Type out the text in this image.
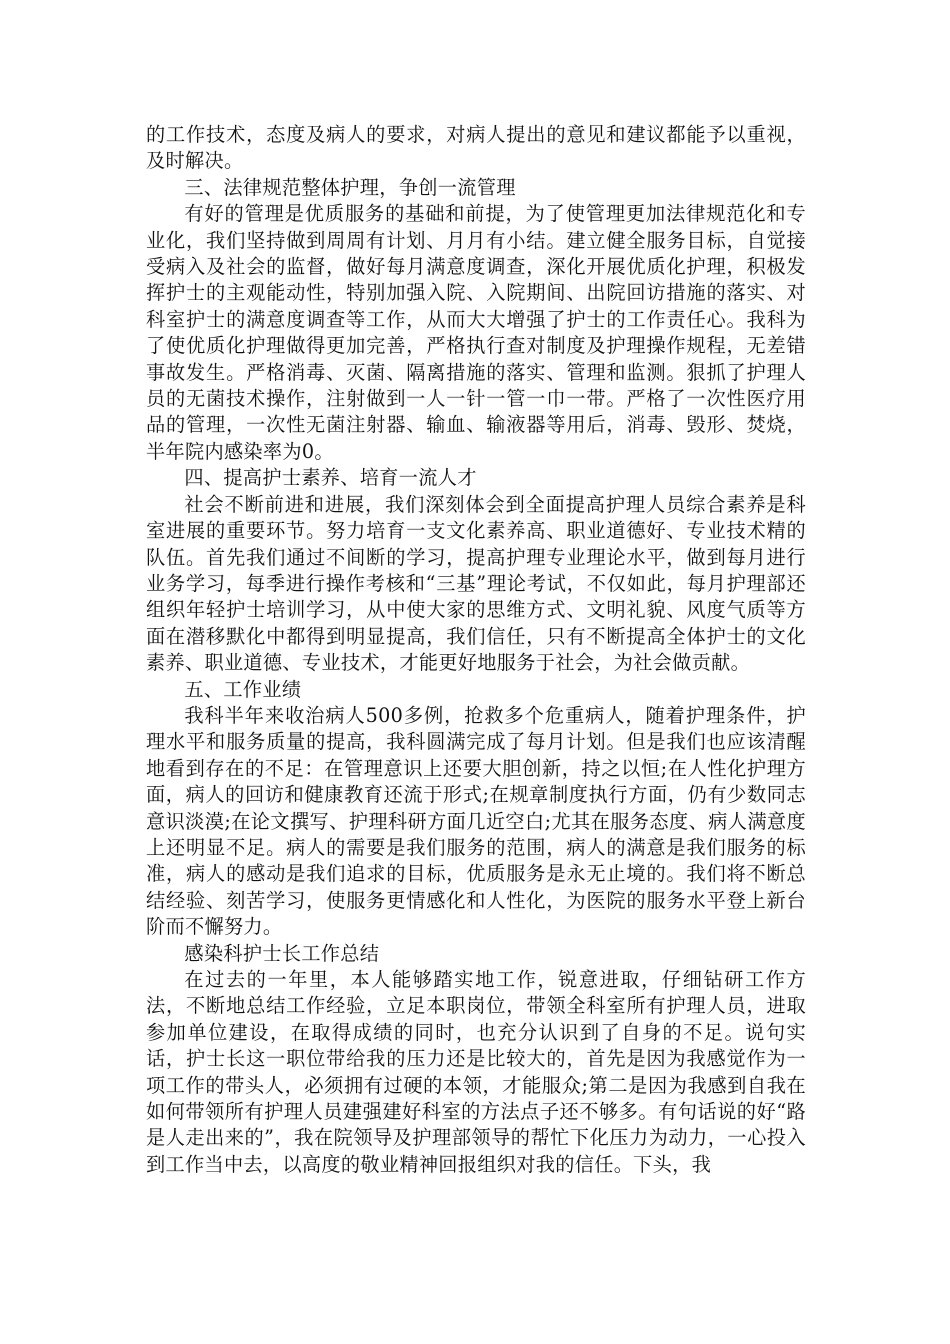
的工作技术，态度及病人的要求，对病人提出的意见和建议都能予以重视，及时解决。

三、法律规范整体护理，争创一流管理

有好的管理是优质服务的基础和前提，为了使管理更加法律规范化和专业化，我们坚持做到周周有计划、月月有小结。建立健全服务目标，自觉接受病入及社会的监督，做好每月满意度调查，深化开展优质化护理，积极发挥护士的主观能动性，特别加强入院、入院期间、出院回访措施的落实、对科室护士的满意度调查等工作，从而大大增强了护士的工作责任心。我科为了使优质化护理做得更加完善，严格执行查对制度及护理操作规程，无差错事故发生。严格消毒、灭菌、隔离措施的落实、管理和监测。狠抓了护理人员的无菌技术操作，注射做到一人一针一管一巾一带。严格了一次性医疗用品的管理，一次性无菌注射器、输血、输液器等用后，消毒、毁形、焚烧，半年院内感染率为0。

四、提高护士素养、培育一流人才

社会不断前进和进展，我们深刻体会到全面提高护理人员综合素养是科室进展的重要环节。努力培育一支文化素养高、职业道德好、专业技术精的队伍。首先我们通过不间断的学习，提高护理专业理论水平，做到每月进行业务学习，每季进行操作考核和“三基”理论考试，不仅如此，每月护理部还组织年轻护士培训学习，从中使大家的思维方式、文明礼貌、风度气质等方面在潜移默化中都得到明显提高，我们信任，只有不断提高全体护士的文化素养、职业道德、专业技术，才能更好地服务于社会，为社会做贡献。

五、工作业绩

我科半年来收治病人500多例，抢救多个危重病人，随着护理条件，护理水平和服务质量的提高，我科圆满完成了每月计划。但是我们也应该清醒地看到存在的不足：在管理意识上还要大胆创新，持之以恒;在人性化护理方面，病人的回访和健康教育还流于形式;在规章制度执行方面，仍有少数同志意识淡漠;在论文撰写、护理科研方面几近空白;尤其在服务态度、病人满意度上还明显不足。病人的需要是我们服务的范围，病人的满意是我们服务的标准，病人的感动是我们追求的目标，优质服务是永无止境的。我们将不断总结经验、刻苦学习，使服务更情感化和人性化，为医院的服务水平登上新台阶而不懈努力。

感染科护士长工作总结

在过去的一年里，本人能够踏实地工作，锐意进取，仔细钻研工作方法，不断地总结工作经验，立足本职岗位，带领全科室所有护理人员，进取参加单位建设，在取得成绩的同时，也充分认识到了自身的不足。说句实话，护士长这一职位带给我的压力还是比较大的，首先是因为我感觉作为一项工作的带头人，必须拥有过硬的本领，才能服众;第二是因为我感到自我在如何带领所有护理人员建强建好科室的方法点子还不够多。有句话说的好“路是人走出来的”，我在院领导及护理部领导的帮忙下化压力为动力，一心投入到工作当中去，以高度的敬业精神回报组织对我的信任。下头，我
